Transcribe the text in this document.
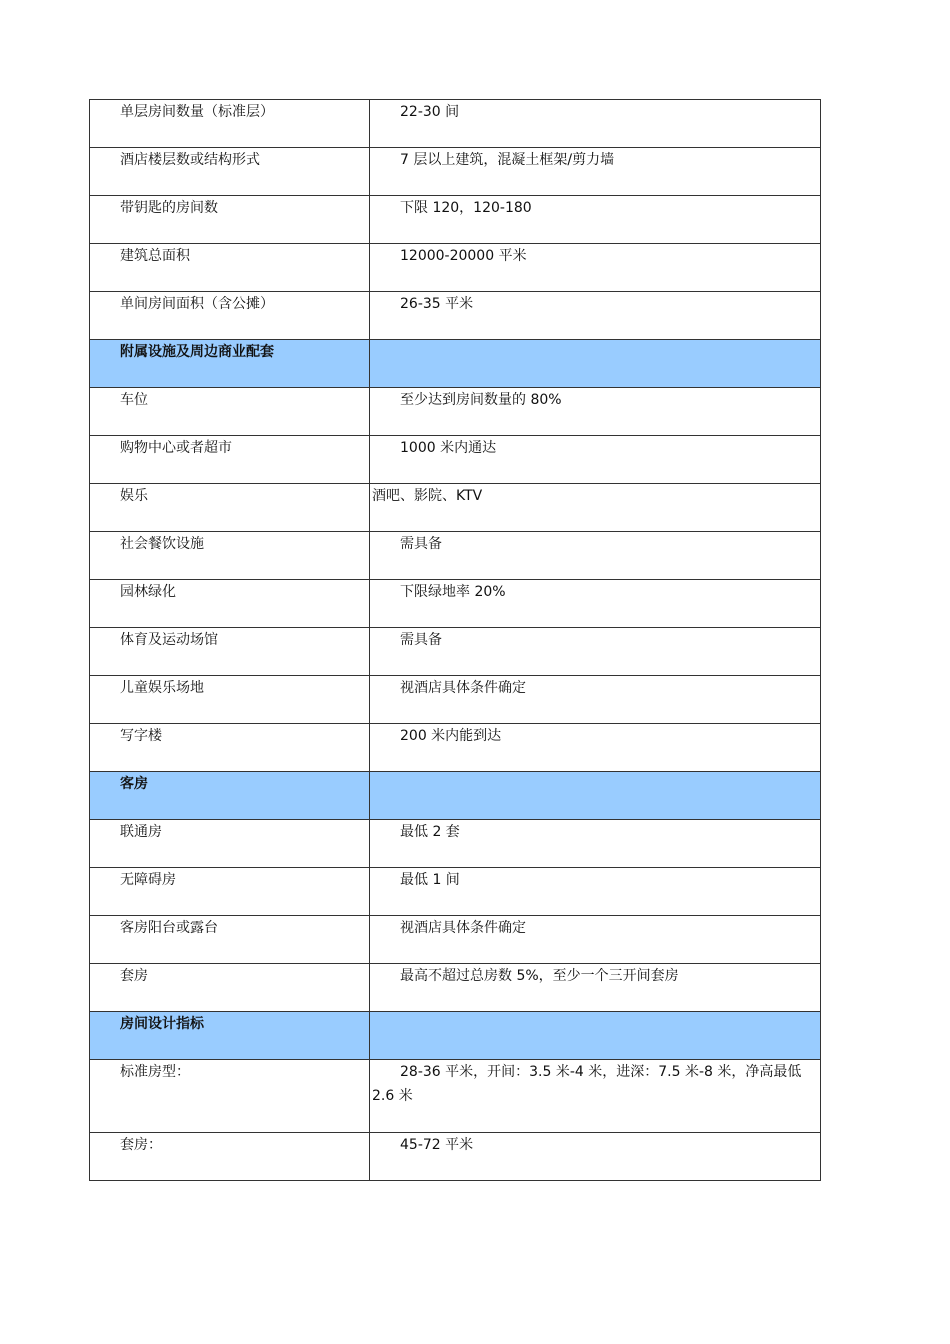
单层房间数量（标准层）	22-30 间
酒店楼层数或结构形式	7 层以上建筑，混凝土框架/剪力墙
带钥匙的房间数	下限 120，120-180
建筑总面积	12000-20000 平米
单间房间面积（含公摊）	26-35 平米
附属设施及周边商业配套	
车位	至少达到房间数量的 80%
购物中心或者超市	1000 米内通达
娱乐	酒吧、影院、KTV
社会餐饮设施	需具备
园林绿化	下限绿地率 20%
体育及运动场馆	需具备
儿童娱乐场地	视酒店具体条件确定
写字楼	200 米内能到达
客房	
联通房	最低 2 套
无障碍房	最低 1 间
客房阳台或露台	视酒店具体条件确定
套房	最高不超过总房数 5%，至少一个三开间套房
房间设计指标	
标准房型：	28-36 平米，开间：3.5 米-4 米，进深：7.5 米-8 米，净高最低 2.6 米
套房：	45-72 平米
